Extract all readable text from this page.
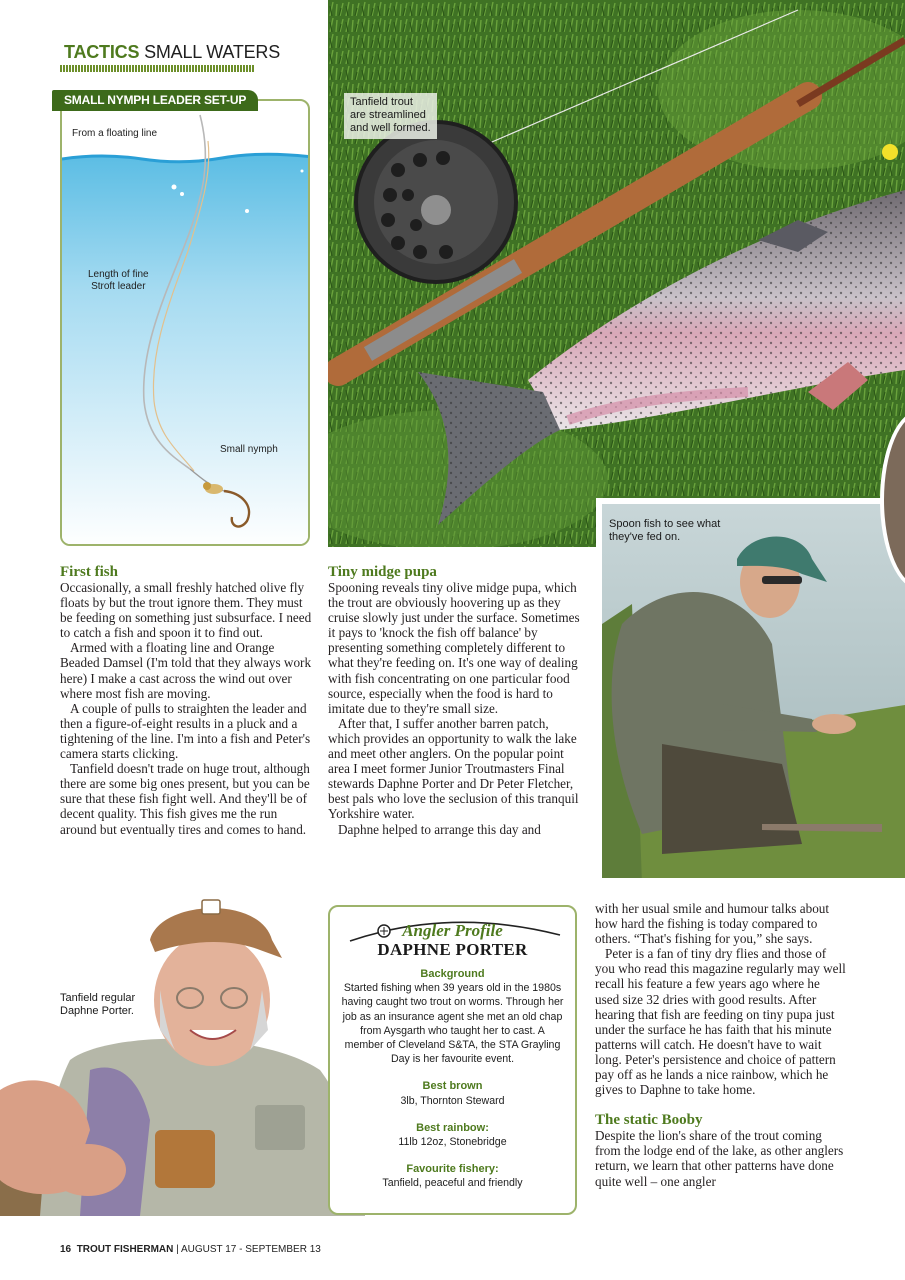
TACTICS SMALL WATERS
From a floating line
Length of fine
Stroft leader
Small nymph
SMALL NYMPH LEADER SET-UP	Tanfield trout
are streamlined
and well formed.
Spoon fish to see what
they've fed on.
Tanfield regular
Daphne Porter.
First fish

Occasionally, a small freshly hatched olive fly floats by but the trout ignore them. They must be feeding on something just subsurface. I need to catch a fish and spoon it to find out.

Armed with a floating line and Orange Beaded Damsel (I'm told that they always work here) I make a cast across the wind out over where most fish are moving.

A couple of pulls to straighten the leader and then a figure-of-eight results in a pluck and a tightening of the line. I'm into a fish and Peter's camera starts clicking.

Tanfield doesn't trade on huge trout, although there are some big ones present, but you can be sure that these fish fight well. And they'll be of decent quality. This fish gives me the run around but eventually tires and comes to hand.

Tiny midge pupa

Spooning reveals tiny olive midge pupa, which the trout are obviously hoovering up as they cruise slowly just under the surface. Sometimes it pays to 'knock the fish off balance' by presenting something completely different to what they're feeding on. It's one way of dealing with fish concentrating on one particular food source, especially when the food is hard to imitate due to they're small size.

After that, I suffer another barren patch, which provides an opportunity to walk the lake and meet other anglers. On the popular point area I meet former Junior Troutmasters Final stewards Daphne Porter and Dr Peter Fletcher, best pals who love the seclusion of this tranquil Yorkshire water.

Daphne helped to arrange this day and

with her usual smile and humour talks about how hard the fishing is today compared to others. “That's fishing for you,” she says.

Peter is a fan of tiny dry flies and those of you who read this magazine regularly may well recall his feature a few years ago where he used size 32 dries with good results. After hearing that fish are feeding on tiny pupa just under the surface he has faith that his minute patterns will catch. He doesn't have to wait long. Peter's persistence and choice of pattern pay off as he lands a nice rainbow, which he gives to Daphne to take home.

The static Booby

Despite the lion's share of the trout coming from the lodge end of the lake, as other anglers return, we learn that other patterns have done quite well – one angler

Angler Profile
DAPHNE PORTER
Background
Started fishing when 39 years old in the 1980s having caught two trout on worms. Through her job as an insurance agent she met an old chap from Aysgarth who taught her to cast. A member of Cleveland S&TA, the STA Grayling Day is her favourite event.
Best brown
3lb, Thornton Steward
Best rainbow:
11lb 12oz, Stonebridge
Favourite fishery:
Tanfield, peaceful and friendly
16 TROUT FISHERMAN | AUGUST 17 - SEPTEMBER 13
